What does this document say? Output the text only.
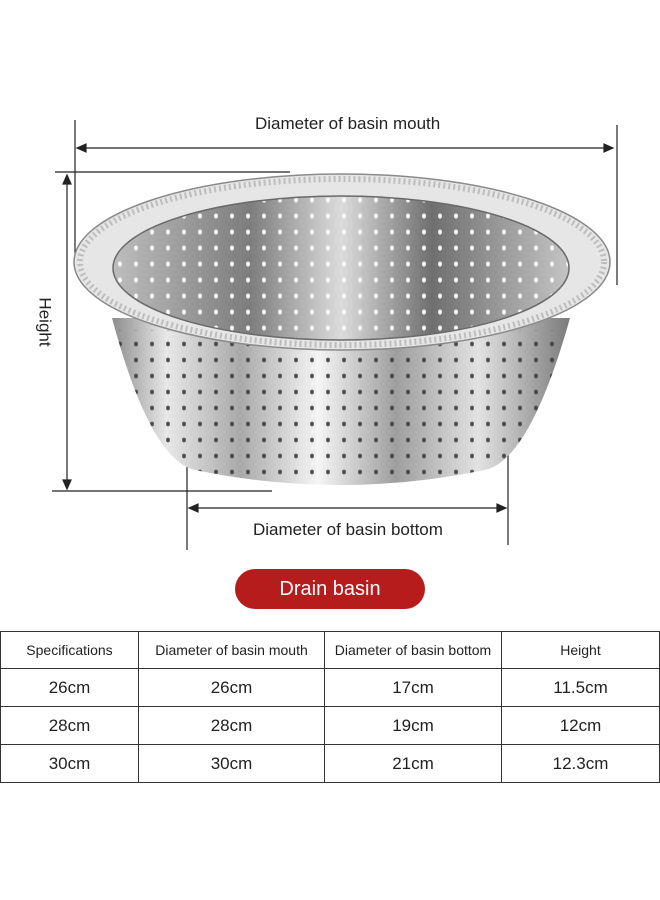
Diameter of basin mouth
Height
Diameter of basin bottom
Drain basin
Specifications	Diameter of basin mouth	Diameter of basin bottom	Height
26cm	26cm	17cm	11.5cm
28cm	28cm	19cm	12cm
30cm	30cm	21cm	12.3cm
